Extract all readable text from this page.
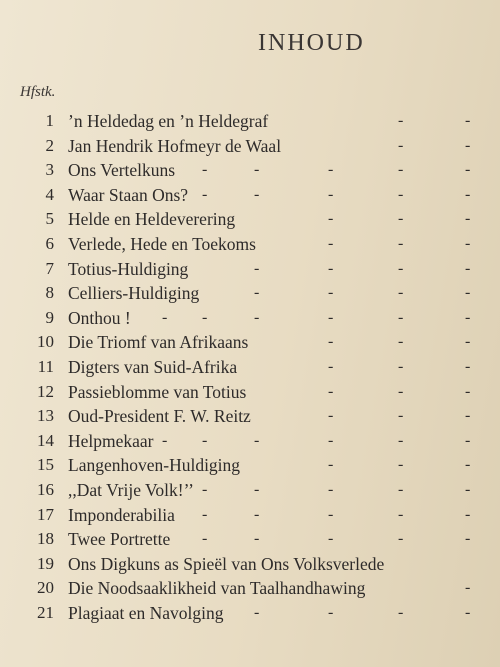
INHOUD
Hfstk.
1 ’n Heldedag en ’n Heldegraf	-	-
2 Jan Hendrik Hofmeyr de Waal	-	-
3 Ons Vertelkuns -	-	-	-	-
4 Waar Staan Ons? -	-	-	-	-
5 Helde en Heldeverering	-	-	-
6 Verlede, Hede en Toekoms	-	-	-
7 Totius-Huldiging	-	-	-	-
8 Celliers-Huldiging	-	-	-	-
9 Onthou ! - -	-	-	-	-
10 Die Triomf van Afrikaans	-	-	-
11 Digters van Suid-Afrika	-	-	-
12 Passieblomme van Totius	-	-	-
13 Oud-President F. W. Reitz	-	-	-
14 Helpmekaar - -	-	-	-	-
15 Langenhoven-Huldiging	-	-	-
16 ,,Dat Vrije Volk!’’ -	-	-	-	-
17 Imponderabilia -	-	-	-	-
18 Twee Portrette -	-	-	-	-
19 Ons Digkuns as Spieël van Ons Volksverlede
20 Die Noodsaaklikheid van Taalhandhawing	-
21 Plagiaat en Navolging -	-	-	-
